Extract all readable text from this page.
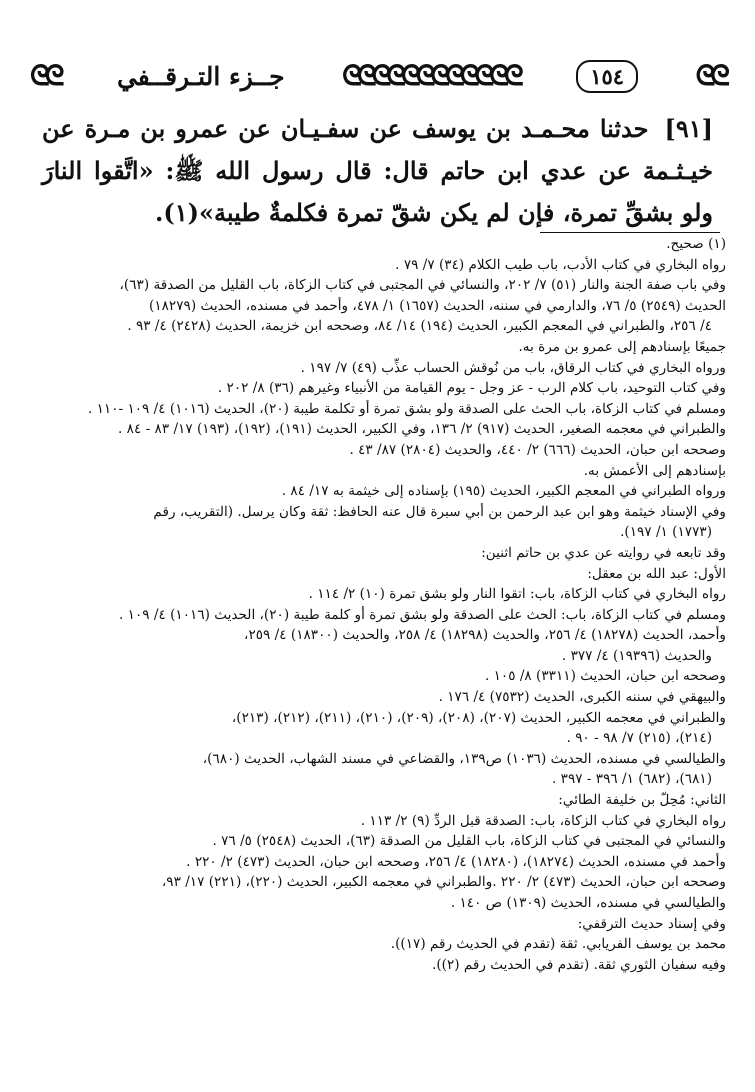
ᘓᘓ جــزء التـرقــفي ᘓᘓᘓᘓᘓᘓᘓᘓᘓᘓᘓᘓ	١٥٤	ᘓᘓ
[٩١] حدثنا محـمـد بن يوسف عن سفـيـان عن عمرو بن مـرة عن خيـثـمة عن عدي ابن حاتم قال: قال رسول الله ﷺ: «اتَّقوا النارَ ولو بشقِّ تمرة، فإن لم يكن شقّ تمرة فكلمةٌ طيبة»(١).
(١) صحيح.
رواه البخاري في كتاب الأدب، باب طيب الكلام (٣٤) ٧/ ٧٩ .
وفي باب صفة الجنة والنار (٥١) ٧/ ٢٠٢، والنسائي في المجتبى في كتاب الزكاة، باب القليل من الصدقة (٦٣)،
الحديث (٢٥٤٩) ٥/ ٧٦، والدارمي في سننه، الحديث (١٦٥٧) ١/ ٤٧٨، وأحمد في مسنده، الحديث (١٨٢٧٩)
٤/ ٢٥٦، والطبراني في المعجم الكبير، الحديث (١٩٤) ١٤/ ٨٤، وصححه ابن خزيمة، الحديث (٢٤٢٨) ٤/ ٩٣ .
جميعًا بإسنادهم إلى عمرو بن مرة به.
ورواه البخاري في كتاب الرقاق، باب من نُوقش الحساب عذِّب (٤٩) ٧/ ١٩٧ .
وفي كتاب التوحيد، باب كلام الرب - عز وجل - يوم القيامة من الأنبياء وغيرهم (٣٦) ٨/ ٢٠٢ .
ومسلم في كتاب الزكاة، باب الحث على الصدقة ولو بشق تمرة أو تكلمة طيبة (٢٠)، الحديث (١٠١٦) ٤/ ١٠٩ -١١٠ .
والطبراني في معجمه الصغير، الحديث (٩١٧) ٢/ ١٣٦، وفي الكبير، الحديث (١٩١)، (١٩٢)، (١٩٣) ١٧/ ٨٣ - ٨٤ .
وصححه ابن حبان، الحديث (٦٦٦) ٢/ ٤٤٠، والحديث (٢٨٠٤) ٨٧/ ٤٣ .
بإسنادهم إلى الأعمش به.
ورواه الطبراني في المعجم الكبير، الحديث (١٩٥) بإسناده إلى خيثمة به ١٧/ ٨٤ .
وفي الإسناد خيثمة وهو ابن عبد الرحمن بن أبي سبرة قال عنه الحافظ: ثقة وكان يرسل. (التقريب، رقم
(١٧٧٣) ١/ ١٩٧).
وقد تابعه في روايته عن عدي بن حاتم اثنين:
الأول: عبد الله بن معقل:
رواه البخاري في كتاب الزكاة، باب: اتقوا النار ولو بشق تمرة (١٠) ٢/ ١١٤ .
ومسلم في كتاب الزكاة، باب: الحث على الصدقة ولو بشق تمرة أو كلمة طيبة (٢٠)، الحديث (١٠١٦) ٤/ ١٠٩ .
وأحمد، الحديث (١٨٢٧٨) ٤/ ٢٥٦، والحديث (١٨٢٩٨) ٤/ ٢٥٨، والحديث (١٨٣٠٠) ٤/ ٢٥٩،
والحديث (١٩٣٩٦) ٤/ ٣٧٧ .
وصححه ابن حبان، الحديث (٣٣١١) ٨/ ١٠٥ .
والبيهقي في سننه الكبرى، الحديث (٧٥٣٢) ٤/ ١٧٦ .
والطبراني في معجمه الكبير، الحديث (٢٠٧)، (٢٠٨)، (٢٠٩)، (٢١٠)، (٢١١)، (٢١٢)، (٢١٣)،
(٢١٤)، (٢١٥) ٧/ ٩٨ - ٩٠ .
والطيالسي في مسنده، الحديث (١٠٣٦) ص١٣٩، والقضاعي في مسند الشهاب، الحديث (٦٨٠)،
(٦٨١)، (٦٨٢) ١/ ٣٩٦ - ٣٩٧ .
الثاني: مُحِلّ بن خليفة الطائي:
رواه البخاري في كتاب الزكاة، باب: الصدقة قبل الردِّ (٩) ٢/ ١١٣ .
والنسائي في المجتبى في كتاب الزكاة، باب القليل من الصدقة (٦٣)، الحديث (٢٥٤٨) ٥/ ٧٦ .
وأحمد في مسنده، الحديث (١٨٢٧٤)، (١٨٢٨٠) ٤/ ٢٥٦، وصححه ابن حبان، الحديث (٤٧٣) ٢/ ٢٢٠ .
وصححه ابن حبان، الحديث (٤٧٣) ٢/ ٢٢٠ .والطبراني في معجمه الكبير، الحديث (٢٢٠)، (٢٢١) ١٧/ ٩٣،
والطيالسي في مسنده، الحديث (١٣٠٩) ص ١٤٠ .
وفي إسناد حديث الترقفي:
محمد بن يوسف الفريابي. ثقة (تقدم في الحديث رقم (١٧)).
وفيه سفيان الثوري ثقة. (تقدم في الحديث رقم (٢)).
